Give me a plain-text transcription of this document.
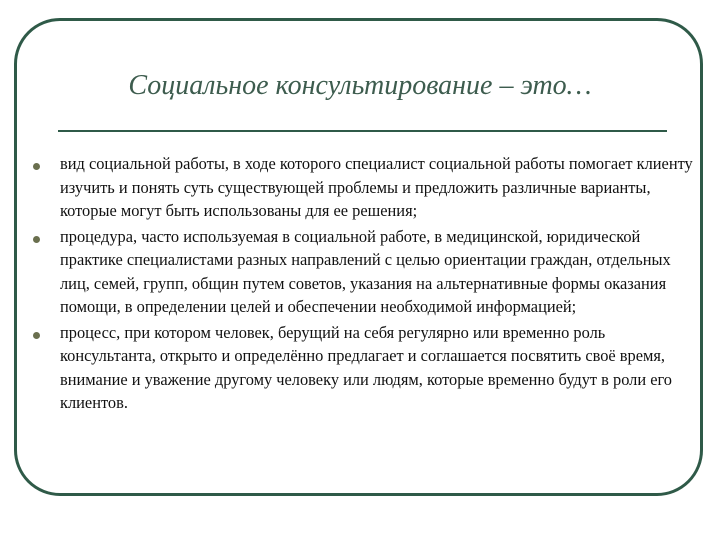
Социальное консультирование – это…
вид социальной работы, в ходе которого специалист социальной работы помогает клиенту изучить и понять суть существующей проблемы и предложить различные варианты, которые могут быть использованы для ее решения;
процедура, часто используемая в социальной работе, в медицинской, юридической практике специалистами разных направлений с целью ориентации граждан, отдельных лиц, семей, групп, общин путем советов, указания на альтернативные формы оказания помощи, в определении целей и обеспечении необходимой информацией;
процесс, при котором человек, берущий на себя регулярно или временно роль консультанта, открыто и определённо предлагает и соглашается посвятить своё время, внимание и уважение другому человеку или людям, которые временно будут в роли его клиентов.
